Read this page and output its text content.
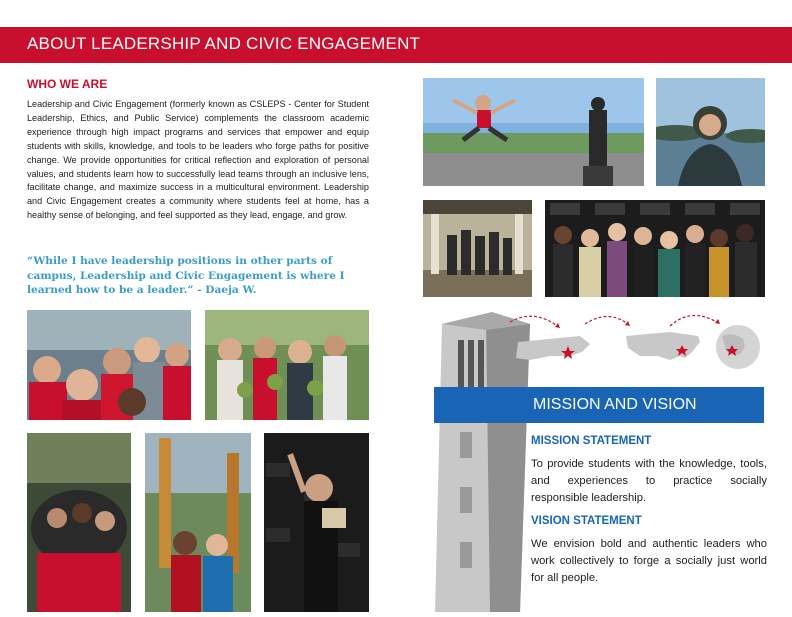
ABOUT LEADERSHIP AND CIVIC ENGAGEMENT
WHO WE ARE
Leadership and Civic Engagement (formerly known as CSLEPS - Center for Student Leadership, Ethics, and Public Service) complements the classroom academic experience through high impact programs and services that empower and equip students with skills, knowledge, and tools to be leaders who forge paths for positive change. We provide opportunities for critical reflection and exploration of personal values, and students learn how to successfully lead teams through an inclusive lens, facilitate change, and maximize success in a multicultural environment. Leadership and Civic Engagement creates a community where students feel at home, has a healthy sense of belonging, and feel supported as they lead, engage, and grow.
“While I have leadership positions in other parts of campus, Leadership and Civic Engagement is where I learned how to be a leader.” - Daeja W.
MISSION AND VISION
MISSION STATEMENT
To provide students with the knowledge, tools, and experiences to practice socially responsible leadership.
VISION STATEMENT
We envision bold and authentic leaders who work collectively to forge a socially just world for all people.
